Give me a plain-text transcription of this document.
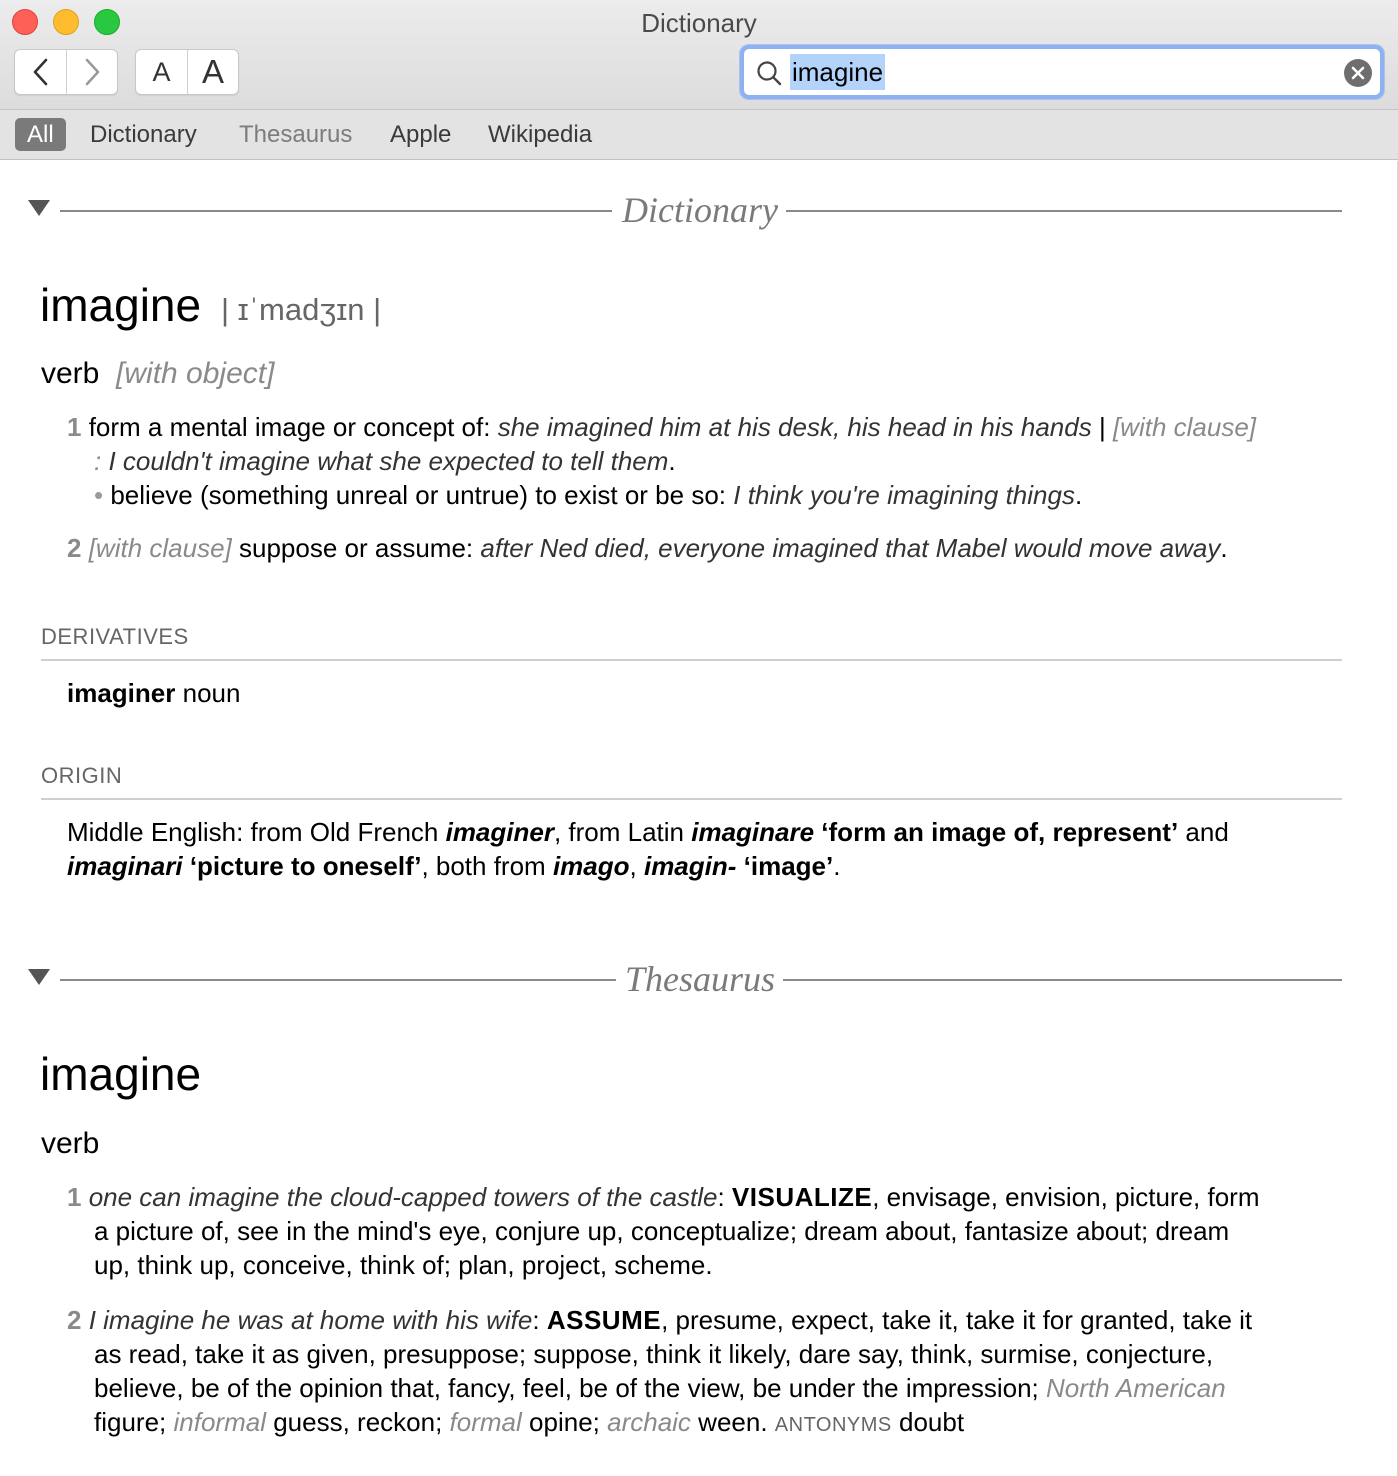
Dictionary
A A	imagine
All	Dictionary Thesaurus Apple Wikipedia
Dictionary
imagine | ɪˈmadʒɪn |
verb [with object]
1 form a mental image or concept of: she imagined him at his desk, his head in his hands | [with clause]
: I couldn't imagine what she expected to tell them.
• believe (something unreal or untrue) to exist or be so: I think you're imagining things.
2 [with clause] suppose or assume: after Ned died, everyone imagined that Mabel would move away.
DERIVATIVES
imaginer noun
ORIGIN
Middle English: from Old French imaginer, from Latin imaginare ‘form an image of, represent’ and
imaginari ‘picture to oneself’, both from imago, imagin- ‘image’.
Thesaurus
imagine
verb
1 one can imagine the cloud-capped towers of the castle: VISUALIZE, envisage, envision, picture, form
a picture of, see in the mind's eye, conjure up, conceptualize; dream about, fantasize about; dream
up, think up, conceive, think of; plan, project, scheme.
2 I imagine he was at home with his wife: ASSUME, presume, expect, take it, take it for granted, take it
as read, take it as given, presuppose; suppose, think it likely, dare say, think, surmise, conjecture,
believe, be of the opinion that, fancy, feel, be of the view, be under the impression; North American
figure; informal guess, reckon; formal opine; archaic ween. ANTONYMS doubt
